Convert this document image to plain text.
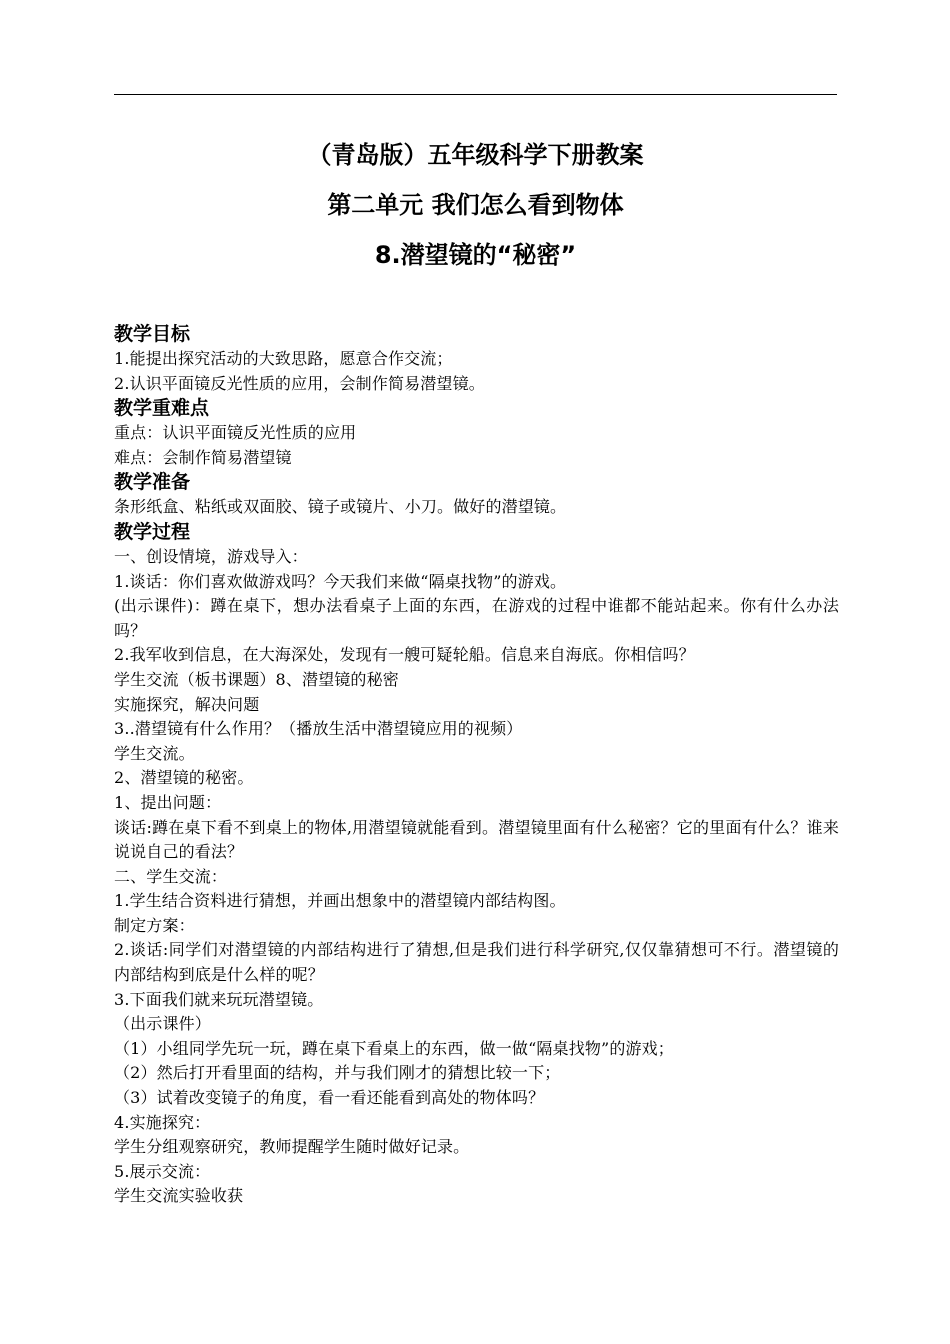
（青岛版）五年级科学下册教案
第二单元 我们怎么看到物体
8.潜望镜的“秘密”
教学目标

1.能提出探究活动的大致思路，愿意合作交流；

2.认识平面镜反光性质的应用，会制作简易潜望镜。

教学重难点

重点：认识平面镜反光性质的应用

难点：会制作简易潜望镜

教学准备

条形纸盒、粘纸或双面胶、镜子或镜片、小刀。做好的潜望镜。

教学过程

一、创设情境，游戏导入：

1.谈话：你们喜欢做游戏吗？今天我们来做“隔桌找物”的游戏。

(出示课件)：蹲在桌下，想办法看桌子上面的东西，在游戏的过程中谁都不能站起来。你有什么办法吗？

2.我军收到信息，在大海深处，发现有一艘可疑轮船。信息来自海底。你相信吗？

学生交流（板书课题）8、潜望镜的秘密

实施探究，解决问题

3..潜望镜有什么作用？（播放生活中潜望镜应用的视频）

学生交流。

2、潜望镜的秘密。

1、提出问题：

谈话:蹲在桌下看不到桌上的物体,用潜望镜就能看到。潜望镜里面有什么秘密？它的里面有什么？谁来说说自己的看法？

二、学生交流：

1.学生结合资料进行猜想，并画出想象中的潜望镜内部结构图。

制定方案：

2.谈话:同学们对潜望镜的内部结构进行了猜想,但是我们进行科学研究,仅仅靠猜想可不行。潜望镜的内部结构到底是什么样的呢？

3.下面我们就来玩玩潜望镜。

（出示课件）

（1）小组同学先玩一玩，蹲在桌下看桌上的东西，做一做“隔桌找物”的游戏；

（2）然后打开看里面的结构，并与我们刚才的猜想比较一下；

（3）试着改变镜子的角度，看一看还能看到高处的物体吗？

4.实施探究：

学生分组观察研究，教师提醒学生随时做好记录。

5.展示交流：

学生交流实验收获
